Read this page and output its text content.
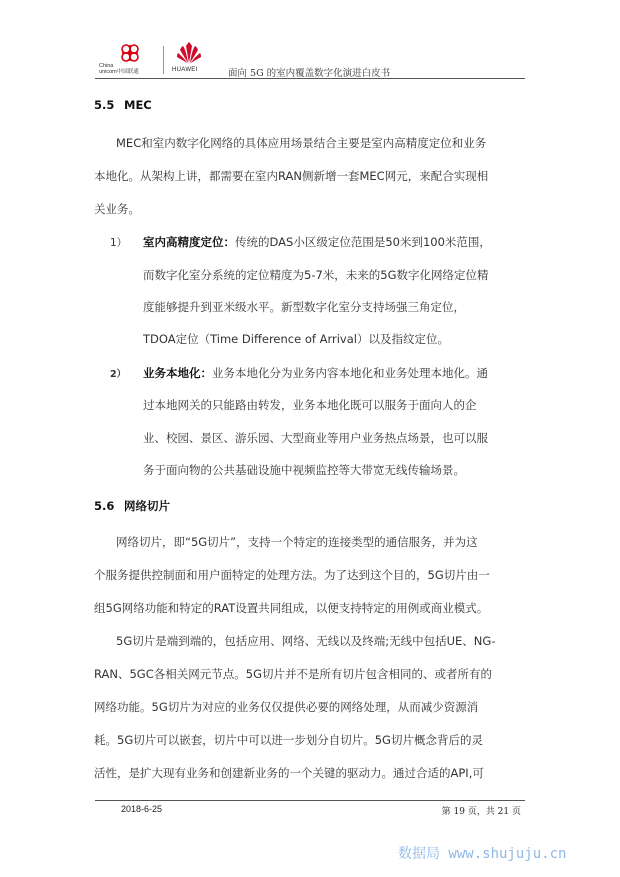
China
unicom中国联通	HUAWEI	面向 5G 的室内覆盖数字化演进白皮书
5.5 MEC
MEC和室内数字化网络的具体应用场景结合主要是室内高精度定位和业务
本地化。从架构上讲，都需要在室内RAN侧新增一套MEC网元，来配合实现相
关业务。
1） 室内高精度定位：传统的DAS小区级定位范围是50米到100米范围，
而数字化室分系统的定位精度为5-7米，未来的5G数字化网络定位精
度能够提升到亚米级水平。新型数字化室分支持场强三角定位，
TDOA定位（Time Difference of Arrival）以及指纹定位。
2） 业务本地化：业务本地化分为业务内容本地化和业务处理本地化。通
过本地网关的只能路由转发，业务本地化既可以服务于面向人的企
业、校园、景区、游乐园、大型商业等用户业务热点场景，也可以服
务于面向物的公共基础设施中视频监控等大带宽无线传输场景。
5.6 网络切片
网络切片，即“5G切片”，支持一个特定的连接类型的通信服务，并为这
个服务提供控制面和用户面特定的处理方法。为了达到这个目的，5G切片由一
组5G网络功能和特定的RAT设置共同组成，以便支持特定的用例或商业模式。
5G切片是端到端的，包括应用、网络、无线以及终端;无线中包括UE、NG-
RAN、5GC各相关网元节点。5G切片并不是所有切片包含相同的、或者所有的
网络功能。5G切片为对应的业务仅仅提供必要的网络处理，从而减少资源消
耗。5G切片可以嵌套，切片中可以进一步划分自切片。5G切片概念背后的灵
活性，是扩大现有业务和创建新业务的一个关键的驱动力。通过合适的API,可
2018-6-25	第 19 页，共 21 页
数据局 www.shujuju.cn
